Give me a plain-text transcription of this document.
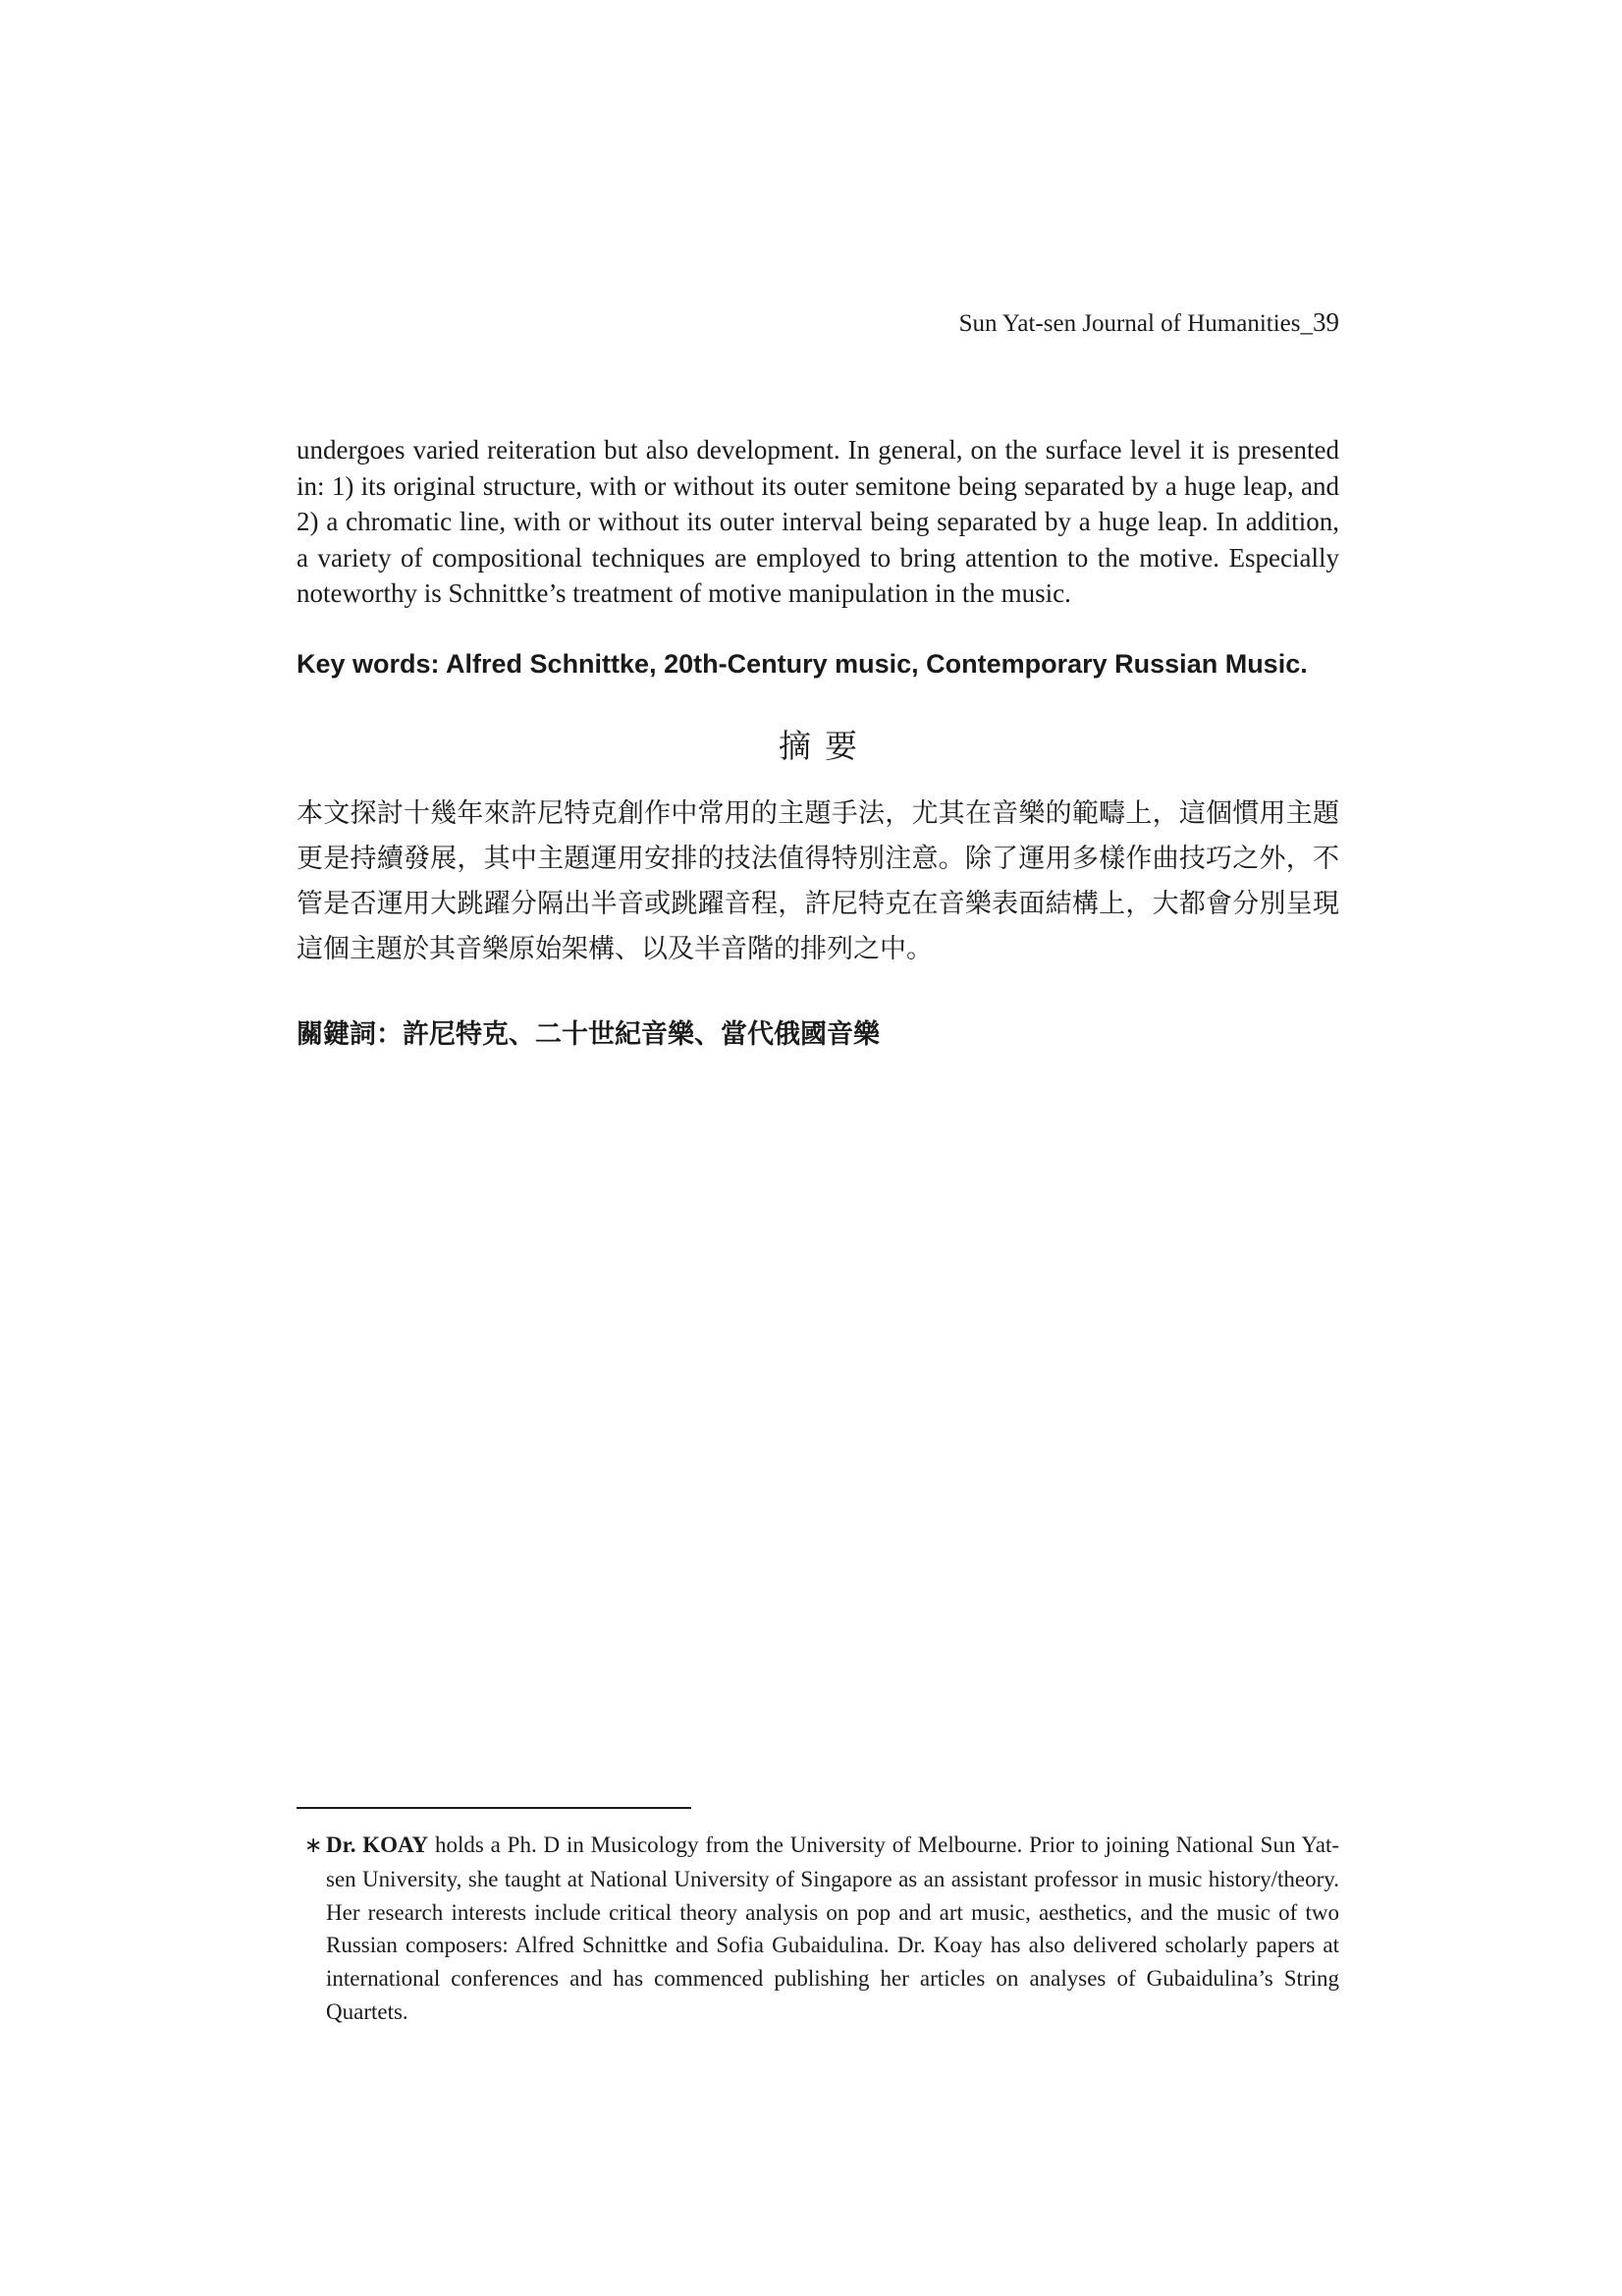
Sun Yat-sen Journal of Humanities_39

undergoes varied reiteration but also development. In general, on the surface level it is presented in: 1) its original structure, with or without its outer semitone being separated by a huge leap, and 2) a chromatic line, with or without its outer interval being separated by a huge leap. In addition, a variety of compositional techniques are employed to bring attention to the motive. Especially noteworthy is Schnittke’s treatment of motive manipulation in the music.

Key words: Alfred Schnittke, 20th-Century music, Contemporary Russian Music.

摘要

本文探討十幾年來許尼特克創作中常用的主題手法，尤其在音樂的範疇上，這個慣用主題更是持續發展，其中主題運用安排的技法值得特別注意。除了運用多樣作曲技巧之外，不管是否運用大跳躍分隔出半音或跳躍音程，許尼特克在音樂表面結構上，大都會分別呈現這個主題於其音樂原始架構、以及半音階的排列之中。

關鍵詞：許尼特克、二十世紀音樂、當代俄國音樂

∗ Dr. KOAY holds a Ph. D in Musicology from the University of Melbourne. Prior to joining National Sun Yat-sen University, she taught at National University of Singapore as an assistant professor in music history/theory. Her research interests include critical theory analysis on pop and art music, aesthetics, and the music of two Russian composers: Alfred Schnittke and Sofia Gubaidulina. Dr. Koay has also delivered scholarly papers at international conferences and has commenced publishing her articles on analyses of Gubaidulina’s String Quartets.
